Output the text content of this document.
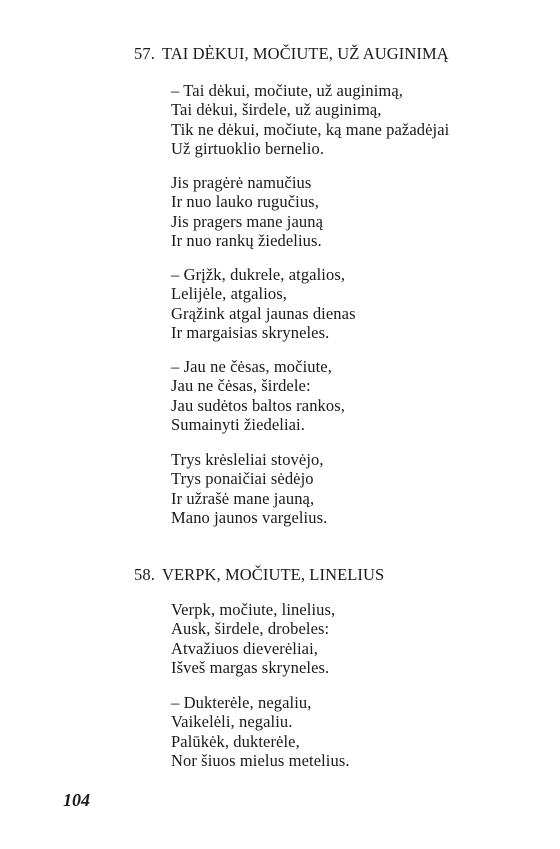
57. TAI DĖKUI, MOČIUTE, UŽ AUGINIMĄ
– Tai dėkui, močiute, už auginimą,
Tai dėkui, širdele, už auginimą,
Tik ne dėkui, močiute, ką mane pažadėjai
Už girtuoklio bernelio.
Jis pragėrė namučius
Ir nuo lauko rugučius,
Jis pragers mane jauną
Ir nuo rankų žiedelius.
– Grįžk, dukrele, atgalios,
Lelijėle, atgalios,
Grąžink atgal jaunas dienas
Ir margaisias skryneles.
– Jau ne čėsas, močiute,
Jau ne čėsas, širdele:
Jau sudėtos baltos rankos,
Sumainyti žiedeliai.
Trys krėsleliai stovėjo,
Trys ponaičiai sėdėjo
Ir užrašė mane jauną,
Mano jaunos vargelius.
58. VERPK, MOČIUTE, LINELIUS
Verpk, močiute, linelius,
Ausk, širdele, drobeles:
Atvažiuos dieverėliai,
Išveš margas skryneles.
– Dukterėle, negaliu,
Vaikelėli, negaliu.
Palūkėk, dukterėle,
Nor šiuos mielus metelius.
104
